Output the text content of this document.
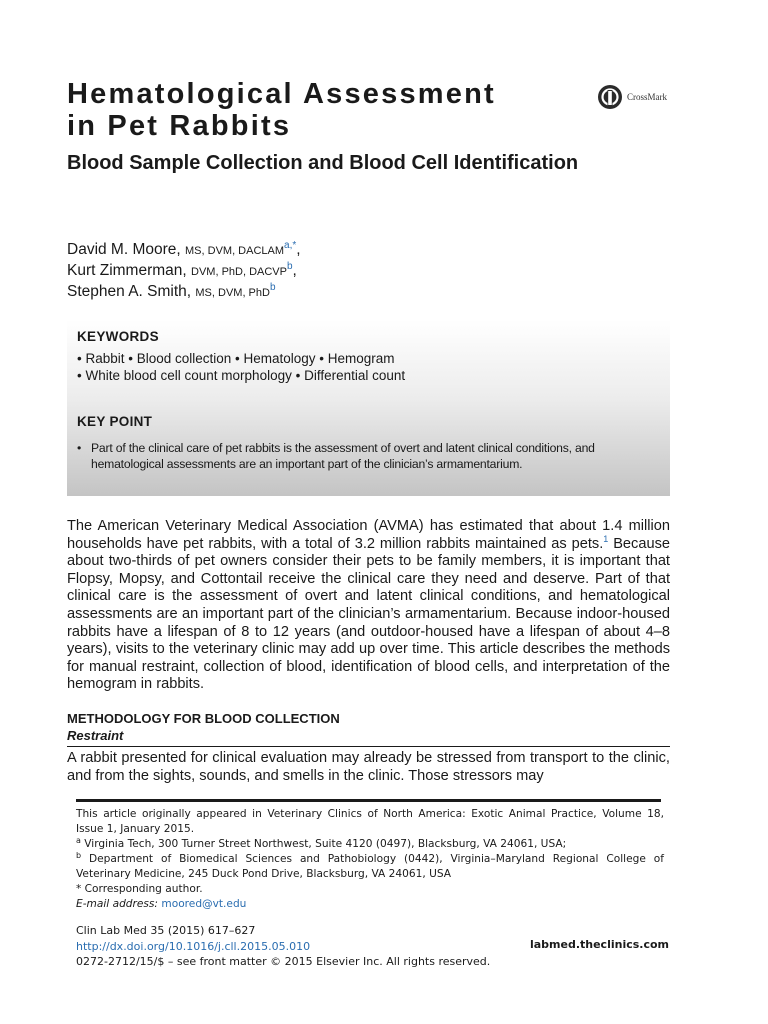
Hematological Assessment
in Pet Rabbits
CrossMark
Blood Sample Collection and Blood Cell Identification
David M. Moore, MS, DVM, $DACLAM^{a,*}$,
Kurt Zimmerman, DVM, PhD, DACVP$^b$,
Stephen A. Smith, MS, DVM, PhD$^b$
KEYWORDS
• Rabbit • Blood collection • Hematology • Hemogram
• White blood cell count morphology • Differential count
KEY POINT
• Part of the clinical care of pet rabbits is the assessment of overt and latent clinical conditions, and hematological assessments are an important part of the clinician’s armamentarium.
The American Veterinary Medical Association (AVMA) has estimated that about 1.4 million households have pet rabbits, with a total of 3.2 million rabbits maintained as pets.$^1$ Because about two-thirds of pet owners consider their pets to be family members, it is important that Flopsy, Mopsy, and Cottontail receive the clinical care they need and deserve. Part of that clinical care is the assessment of overt and latent clinical conditions, and hematological assessments are an important part of the clinician’s armamentarium. Because indoor-housed rabbits have a lifespan of 8 to 12 years (and outdoor-housed have a lifespan of about 4–8 years), visits to the veterinary clinic may add up over time. This article describes the methods for manual restraint, collection of blood, identification of blood cells, and interpretation of the hemogram in rabbits.
METHODOLOGY FOR BLOOD COLLECTION
Restraint
A rabbit presented for clinical evaluation may already be stressed from transport to the clinic, and from the sights, sounds, and smells in the clinic. Those stressors may
This article originally appeared in Veterinary Clinics of North America: Exotic Animal Practice, Volume 18, Issue 1, January 2015.
$^a$ Virginia Tech, 300 Turner Street Northwest, Suite 4120 (0497), Blacksburg, VA 24061, USA;
$^b$ Department of Biomedical Sciences and Pathobiology (0442), Virginia–Maryland Regional College of Veterinary Medicine, 245 Duck Pond Drive, Blacksburg, VA 24061, USA
* Corresponding author.
E-mail address: moored@vt.edu
Clin Lab Med 35 (2015) 617–627
http://dx.doi.org/10.1016/j.cll.2015.05.010
0272-2712/15/$ – see front matter © 2015 Elsevier Inc. All rights reserved.
labmed.theclinics.com
